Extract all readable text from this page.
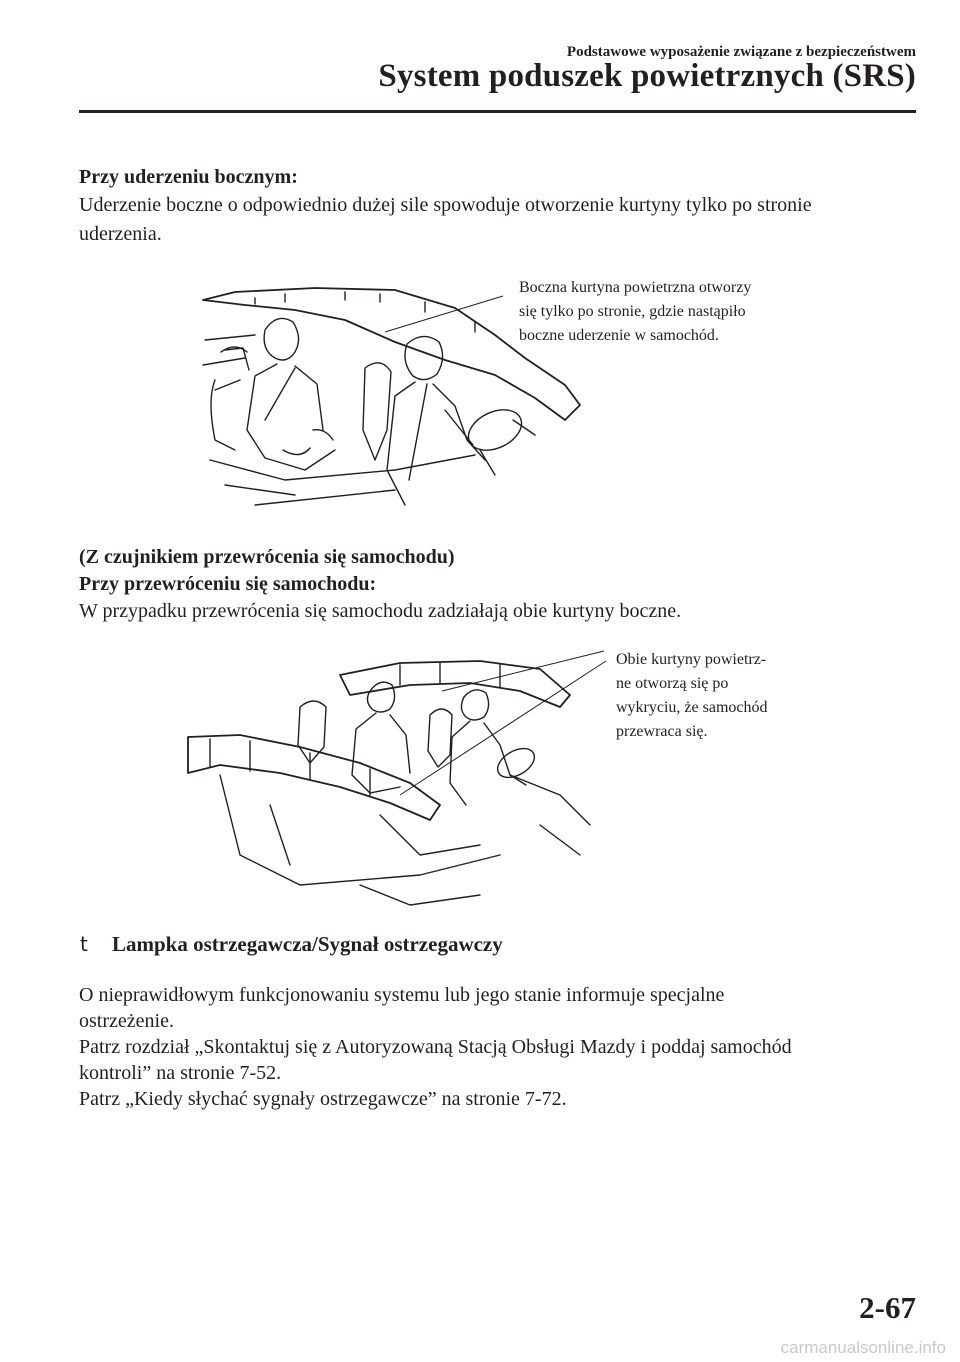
Podstawowe wyposażenie związane z bezpieczeństwem
System poduszek powietrznych (SRS)
Przy uderzeniu bocznym:
Uderzenie boczne o odpowiednio dużej sile spowoduje otworzenie kurtyny tylko po stronie
uderzenia.
Boczna kurtyna powietrzna otworzy
się tylko po stronie, gdzie nastąpiło
boczne uderzenie w samochód.
(Z czujnikiem przewrócenia się samochodu)
Przy przewróceniu się samochodu:
W przypadku przewrócenia się samochodu zadziałają obie kurtyny boczne.
Obie kurtyny powietrz-
ne otworzą się po
wykryciu, że samochód
przewraca się.
t Lampka ostrzegawcza/Sygnał ostrzegawczy
O nieprawidłowym funkcjonowaniu systemu lub jego stanie informuje specjalne
ostrzeżenie.
Patrz rozdział „Skontaktuj się z Autoryzowaną Stacją Obsługi Mazdy i poddaj samochód
kontroli” na stronie 7-52.
Patrz „Kiedy słychać sygnały ostrzegawcze” na stronie 7-72.
2-67
carmanualsonline.info
